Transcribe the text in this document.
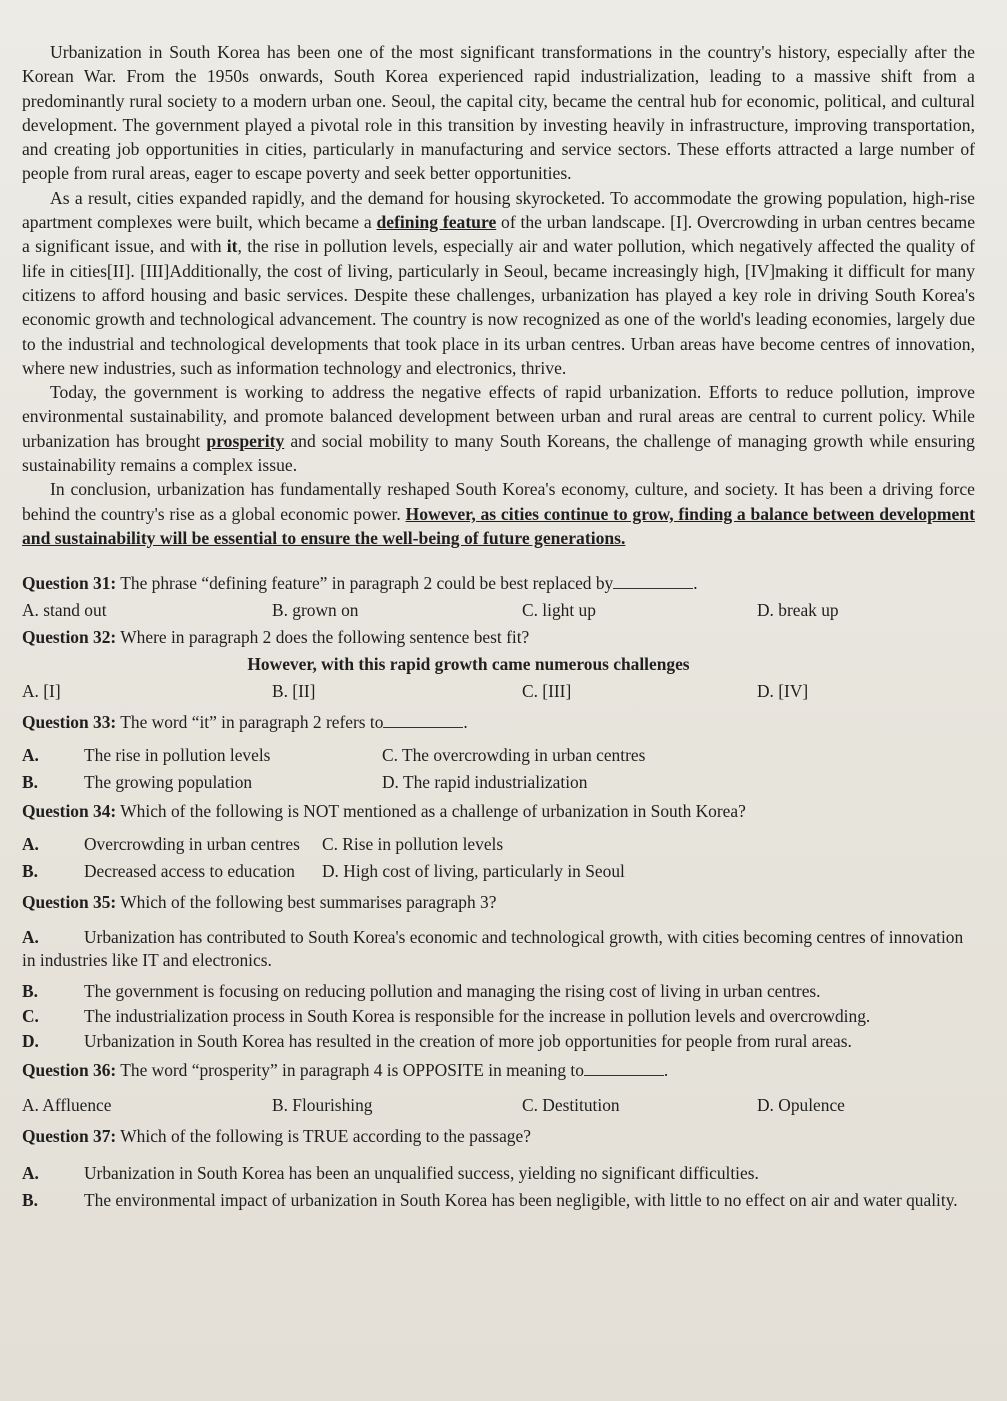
Urbanization in South Korea has been one of the most significant transformations in the country's history, especially after the Korean War. From the 1950s onwards, South Korea experienced rapid industrialization, leading to a massive shift from a predominantly rural society to a modern urban one. Seoul, the capital city, became the central hub for economic, political, and cultural development. The government played a pivotal role in this transition by investing heavily in infrastructure, improving transportation, and creating job opportunities in cities, particularly in manufacturing and service sectors. These efforts attracted a large number of people from rural areas, eager to escape poverty and seek better opportunities.

As a result, cities expanded rapidly, and the demand for housing skyrocketed. To accommodate the growing population, high-rise apartment complexes were built, which became a defining feature of the urban landscape. [I]. Overcrowding in urban centres became a significant issue, and with it, the rise in pollution levels, especially air and water pollution, which negatively affected the quality of life in cities[II]. [III]Additionally, the cost of living, particularly in Seoul, became increasingly high, [IV]making it difficult for many citizens to afford housing and basic services. Despite these challenges, urbanization has played a key role in driving South Korea's economic growth and technological advancement. The country is now recognized as one of the world's leading economies, largely due to the industrial and technological developments that took place in its urban centres. Urban areas have become centres of innovation, where new industries, such as information technology and electronics, thrive.

Today, the government is working to address the negative effects of rapid urbanization. Efforts to reduce pollution, improve environmental sustainability, and promote balanced development between urban and rural areas are central to current policy. While urbanization has brought prosperity and social mobility to many South Koreans, the challenge of managing growth while ensuring sustainability remains a complex issue.

In conclusion, urbanization has fundamentally reshaped South Korea's economy, culture, and society. It has been a driving force behind the country's rise as a global economic power. However, as cities continue to grow, finding a balance between development and sustainability will be essential to ensure the well-being of future generations.

Question 31: The phrase “defining feature” in paragraph 2 could be best replaced by	.
A. stand out	B. grown on	C. light up	D. break up
Question 32: Where in paragraph 2 does the following sentence best fit?
However, with this rapid growth came numerous challenges
A. [I]	B. [II]	C. [III]	D. [IV]
Question 33: The word “it” in paragraph 2 refers to	.
A.	The rise in pollution levels	C. The overcrowding in urban centres
B.	The growing population	D. The rapid industrialization
Question 34: Which of the following is NOT mentioned as a challenge of urbanization in South Korea?
A.	Overcrowding in urban centres	C. Rise in pollution levels
B.	Decreased access to education	D. High cost of living, particularly in Seoul
Question 35: Which of the following best summarises paragraph 3?
A.	Urbanization has contributed to South Korea's economic and technological growth, with cities becoming centres of innovation in industries like IT and electronics.
B.	The government is focusing on reducing pollution and managing the rising cost of living in urban centres.
C.	The industrialization process in South Korea is responsible for the increase in pollution levels and overcrowding.
D.	Urbanization in South Korea has resulted in the creation of more job opportunities for people from rural areas.
Question 36: The word “prosperity” in paragraph 4 is OPPOSITE in meaning to	.
A. Affluence	B. Flourishing	C. Destitution	D. Opulence
Question 37: Which of the following is TRUE according to the passage?
A.	Urbanization in South Korea has been an unqualified success, yielding no significant difficulties.
B.	The environmental impact of urbanization in South Korea has been negligible, with little to no effect on air and water quality.
